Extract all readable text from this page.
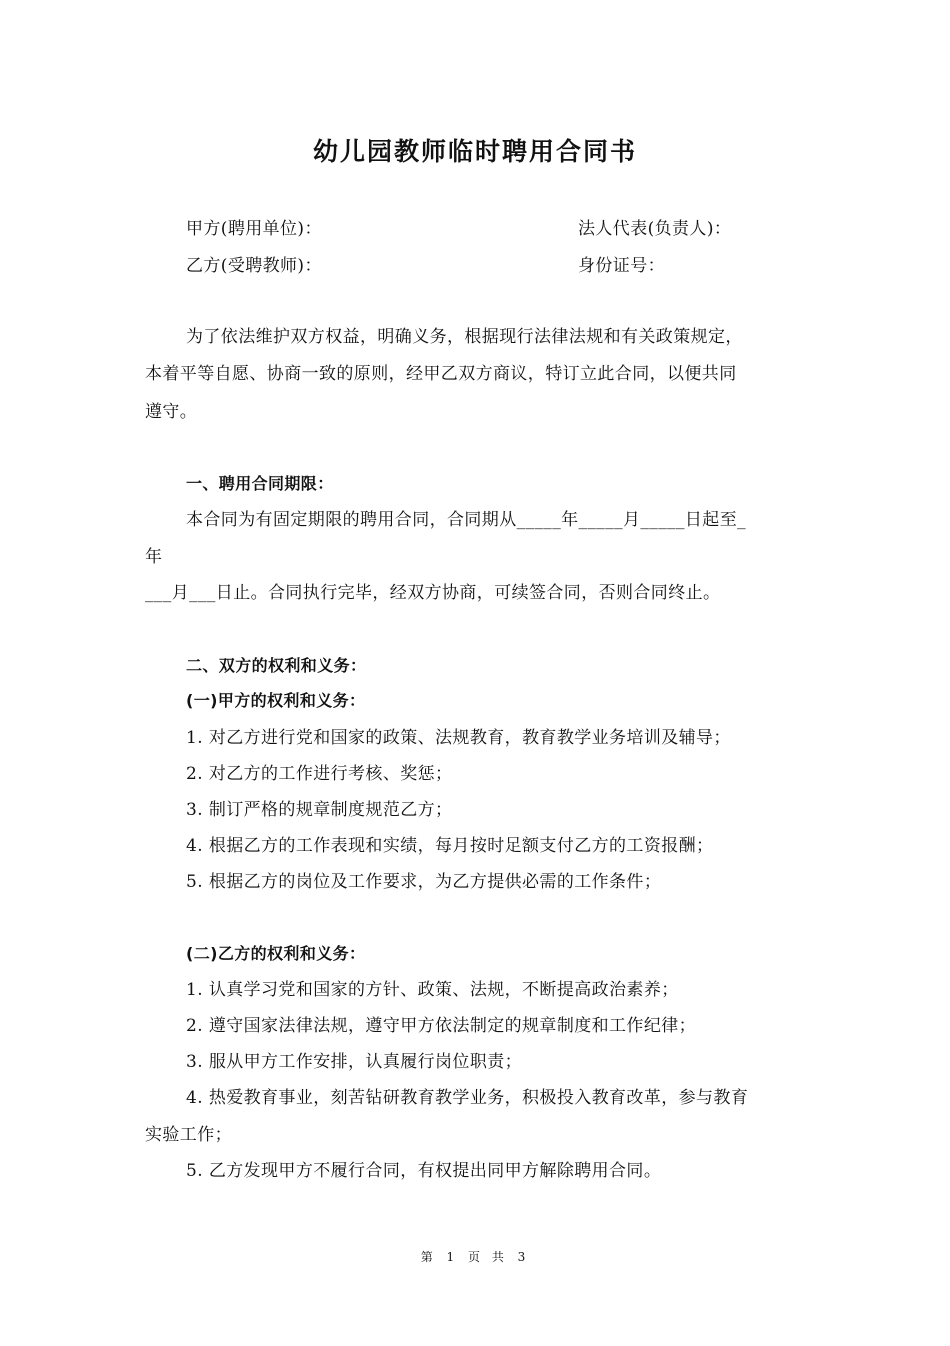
幼儿园教师临时聘用合同书
甲方(聘用单位)：	法人代表(负责人)：
乙方(受聘教师)：	身份证号：
为了依法维护双方权益，明确义务，根据现行法律法规和有关政策规定，
本着平等自愿、协商一致的原则，经甲乙双方商议，特订立此合同，以便共同
遵守。
一、聘用合同期限：
本合同为有固定期限的聘用合同，合同期从_____年_____月_____日起至_
年
___月___日止。合同执行完毕，经双方协商，可续签合同，否则合同终止。
二、双方的权利和义务：
(一)甲方的权利和义务：
1. 对乙方进行党和国家的政策、法规教育，教育教学业务培训及辅导；
2. 对乙方的工作进行考核、奖惩；
3. 制订严格的规章制度规范乙方；
4. 根据乙方的工作表现和实绩，每月按时足额支付乙方的工资报酬；
5. 根据乙方的岗位及工作要求，为乙方提供必需的工作条件；
(二)乙方的权利和义务：
1. 认真学习党和国家的方针、政策、法规，不断提高政治素养；
2. 遵守国家法律法规，遵守甲方依法制定的规章制度和工作纪律；
3. 服从甲方工作安排，认真履行岗位职责；
4. 热爱教育事业，刻苦钻研教育教学业务，积极投入教育改革，参与教育
实验工作；
5. 乙方发现甲方不履行合同，有权提出同甲方解除聘用合同。
第 1 页 共 3
